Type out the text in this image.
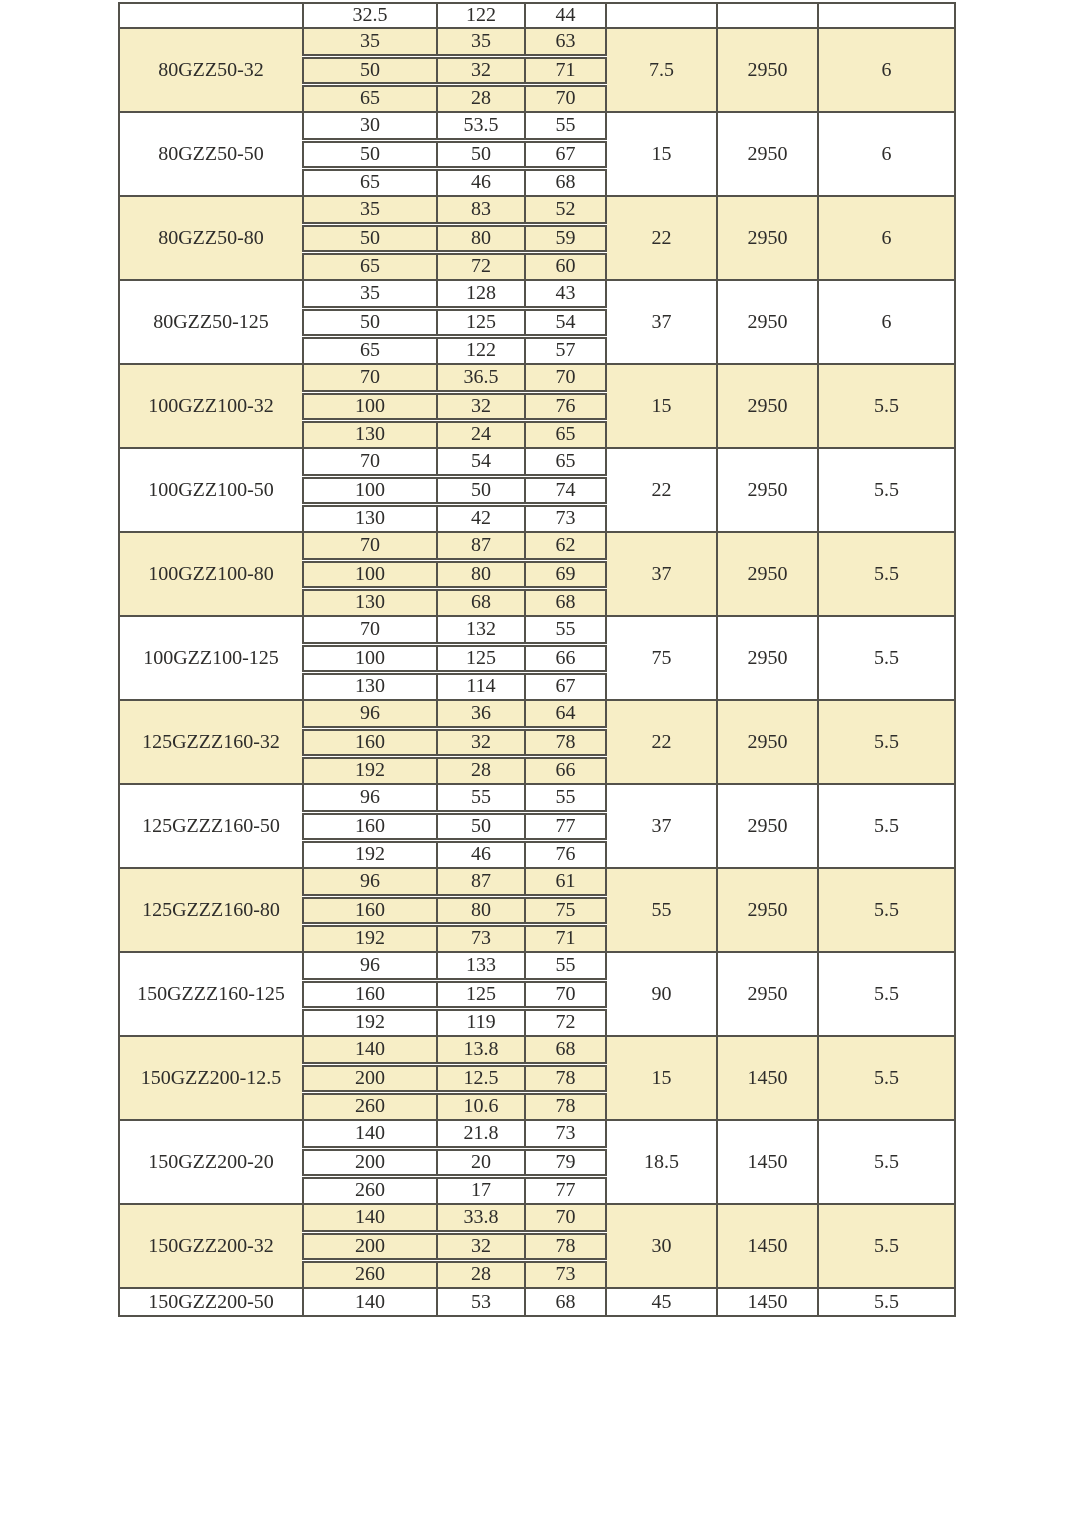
	32.5	122	44			
80GZZ50-32	35	35	63	7.5	2950	6
	50	32	71			
	65	28	70			
80GZZ50-50	30	53.5	55	15	2950	6
	50	50	67			
	65	46	68			
80GZZ50-80	35	83	52	22	2950	6
	50	80	59			
	65	72	60			
80GZZ50-125	35	128	43	37	2950	6
	50	125	54			
	65	122	57			
100GZZ100-32	70	36.5	70	15	2950	5.5
	100	32	76			
	130	24	65			
100GZZ100-50	70	54	65	22	2950	5.5
	100	50	74			
	130	42	73			
100GZZ100-80	70	87	62	37	2950	5.5
	100	80	69			
	130	68	68			
100GZZ100-125	70	132	55	75	2950	5.5
	100	125	66			
	130	114	67			
125GZZZ160-32	96	36	64	22	2950	5.5
	160	32	78			
	192	28	66			
125GZZZ160-50	96	55	55	37	2950	5.5
	160	50	77			
	192	46	76			
125GZZZ160-80	96	87	61	55	2950	5.5
	160	80	75			
	192	73	71			
150GZZZ160-125	96	133	55	90	2950	5.5
	160	125	70			
	192	119	72			
150GZZ200-12.5	140	13.8	68	15	1450	5.5
	200	12.5	78			
	260	10.6	78			
150GZZ200-20	140	21.8	73	18.5	1450	5.5
	200	20	79			
	260	17	77			
150GZZ200-32	140	33.8	70	30	1450	5.5
	200	32	78			
	260	28	73			
150GZZ200-50	140	53	68	45	1450	5.5
